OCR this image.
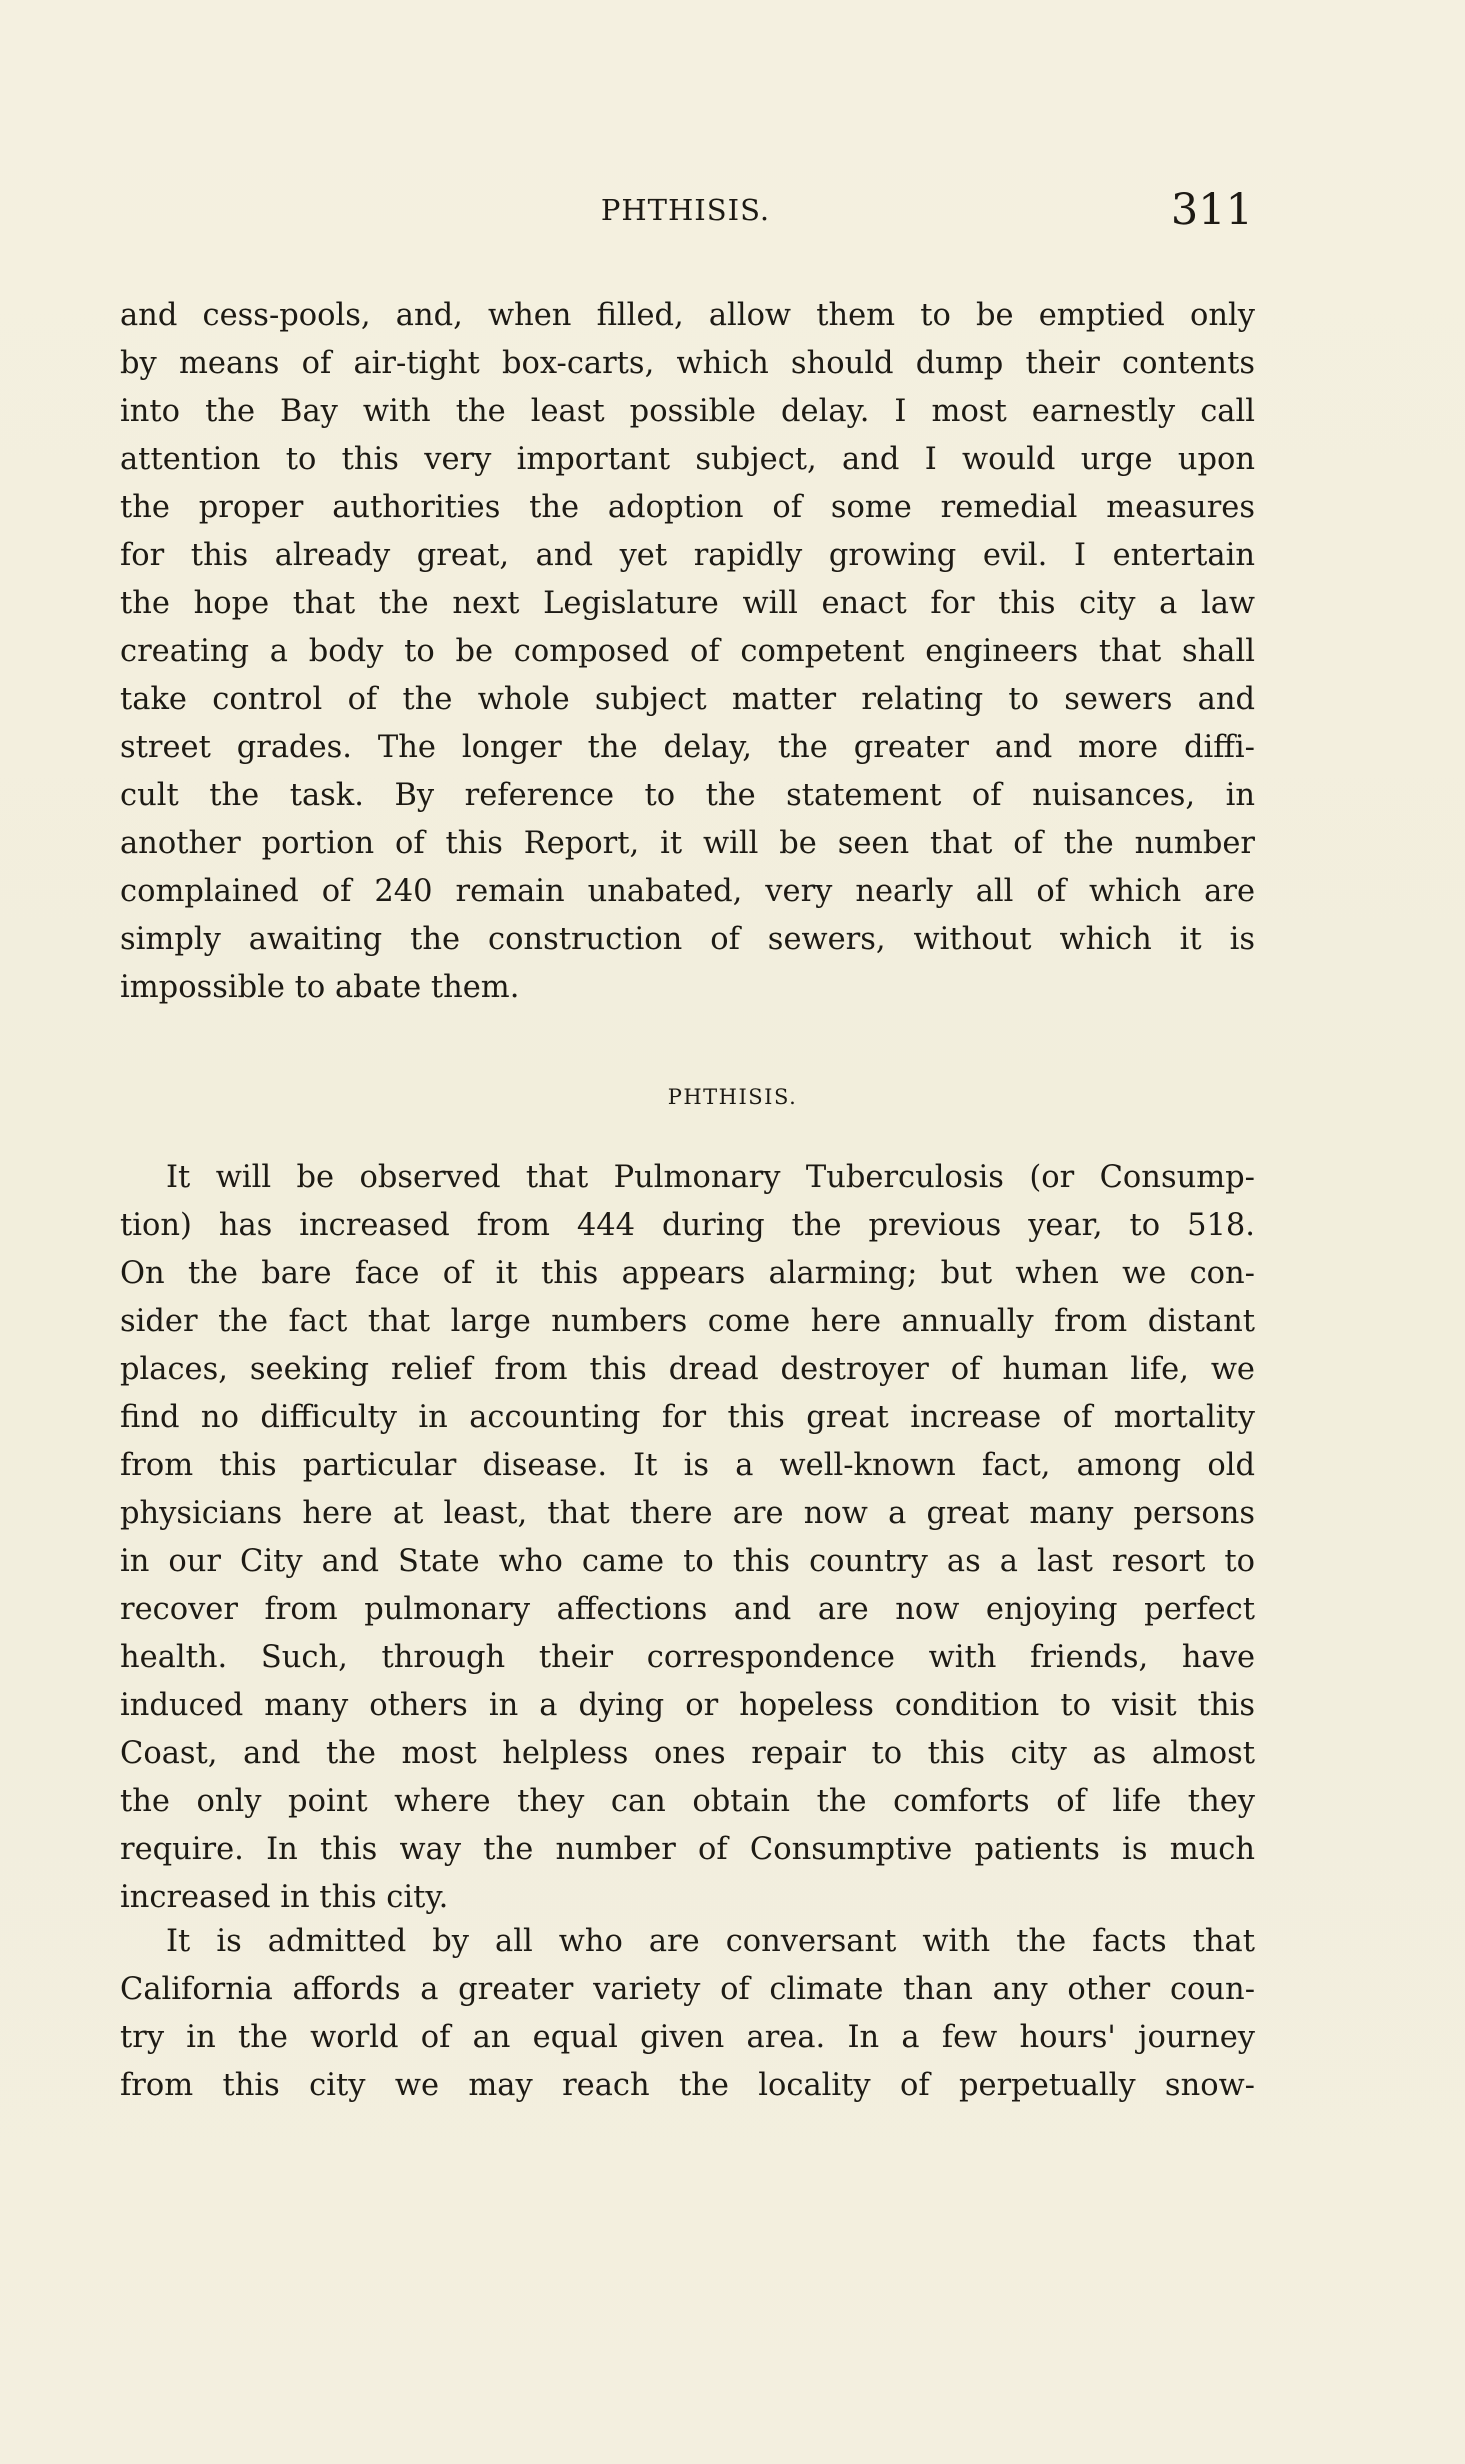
PHTHISIS.	311
and cess-pools, and, when filled, allow them to be emptied only
by means of air-tight box-carts, which should dump their contents
into the Bay with the least possible delay. I most earnestly call
attention to this very important subject, and I would urge upon
the proper authorities the adoption of some remedial measures
for this already great, and yet rapidly growing evil. I entertain
the hope that the next Legislature will enact for this city a law
creating a body to be composed of competent engineers that shall
take control of the whole subject matter relating to sewers and
street grades. The longer the delay, the greater and more diffi-
cult the task. By reference to the statement of nuisances, in
another portion of this Report, it will be seen that of the number
complained of 240 remain unabated, very nearly all of which are
simply awaiting the construction of sewers, without which it is
impossible to abate them.
PHTHISIS.
It will be observed that Pulmonary Tuberculosis (or Consump-
tion) has increased from 444 during the previous year, to 518.
On the bare face of it this appears alarming; but when we con-
sider the fact that large numbers come here annually from distant
places, seeking relief from this dread destroyer of human life, we
find no difficulty in accounting for this great increase of mortality
from this particular disease. It is a well-known fact, among old
physicians here at least, that there are now a great many persons
in our City and State who came to this country as a last resort to
recover from pulmonary affections and are now enjoying perfect
health. Such, through their correspondence with friends, have
induced many others in a dying or hopeless condition to visit this
Coast, and the most helpless ones repair to this city as almost
the only point where they can obtain the comforts of life they
require. In this way the number of Consumptive patients is much
increased in this city.
It is admitted by all who are conversant with the facts that
California affords a greater variety of climate than any other coun-
try in the world of an equal given area. In a few hours' journey
from this city we may reach the locality of perpetually snow-
